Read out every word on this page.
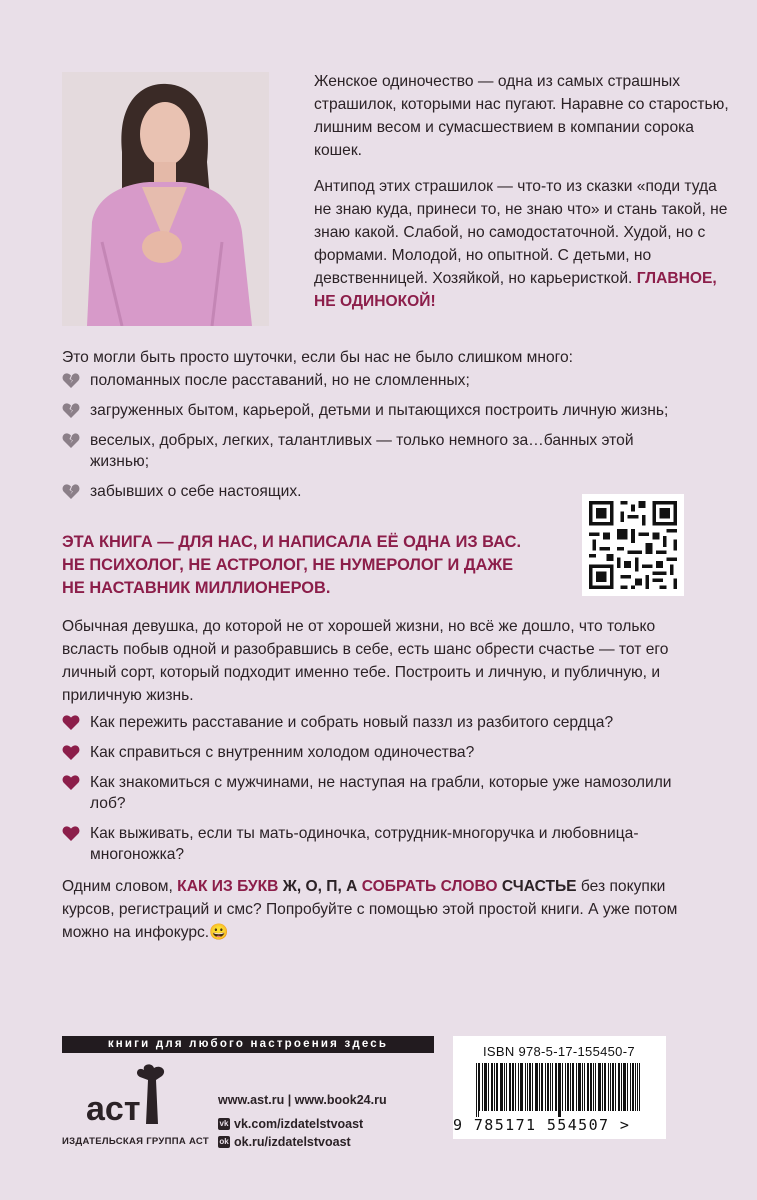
Женское одиночество — одна из самых страшных страшилок, которыми нас пугают. Наравне со старостью, лишним весом и сумасшествием в компании сорока кошек.

Антипод этих страшилок — что-то из сказки «поди туда не знаю куда, принеси то, не знаю что» и стань такой, не знаю какой. Слабой, но самодостаточной. Худой, но с формами. Молодой, но опытной. С детьми, но девственницей. Хозяйкой, но карьеристкой. ГЛАВНОЕ, НЕ ОДИНОКОЙ!

Это могли быть просто шуточки, если бы нас не было слишком много:

поломанных после расставаний, но не сломленных;
загруженных бытом, карьерой, детьми и пытающихся построить личную жизнь;
веселых, добрых, легких, талантливых — только немного за…банных этой жизнью;
забывших о себе настоящих.

ЭТА КНИГА — ДЛЯ НАС, И НАПИСАЛА ЕЁ ОДНА ИЗ ВАС.
НЕ ПСИХОЛОГ, НЕ АСТРОЛОГ, НЕ НУМЕРОЛОГ И ДАЖЕ
НЕ НАСТАВНИК МИЛЛИОНЕРОВ.

Обычная девушка, до которой не от хорошей жизни, но всё же дошло, что только всласть побыв одной и разобравшись в себе, есть шанс обрести счастье — тот его личный сорт, который подходит именно тебе. Построить и личную, и публичную, и приличную жизнь.

Как пережить расставание и собрать новый паззл из разбитого сердца?
Как справиться с внутренним холодом одиночества?
Как знакомиться с мужчинами, не наступая на грабли, которые уже намозолили лоб?
Как выживать, если ты мать-одиночка, сотрудник-многоручка и любовница-многоножка?

Одним словом, КАК ИЗ БУКВ Ж, О, П, А СОБРАТЬ СЛОВО СЧАСТЬЕ без покупки курсов, регистраций и смс? Попробуйте с помощью этой простой книги. А уже потом можно на инфокурс.😀

книги для любого настроения здесь
аст
ИЗДАТЕЛЬСКАЯ ГРУППА АСТ
www.ast.ru | www.book24.ru
vk vk.com/izdatelstvoast
ok ok.ru/izdatelstvoast
ISBN 978-5-17-155450-7
9 785171 554507 >
